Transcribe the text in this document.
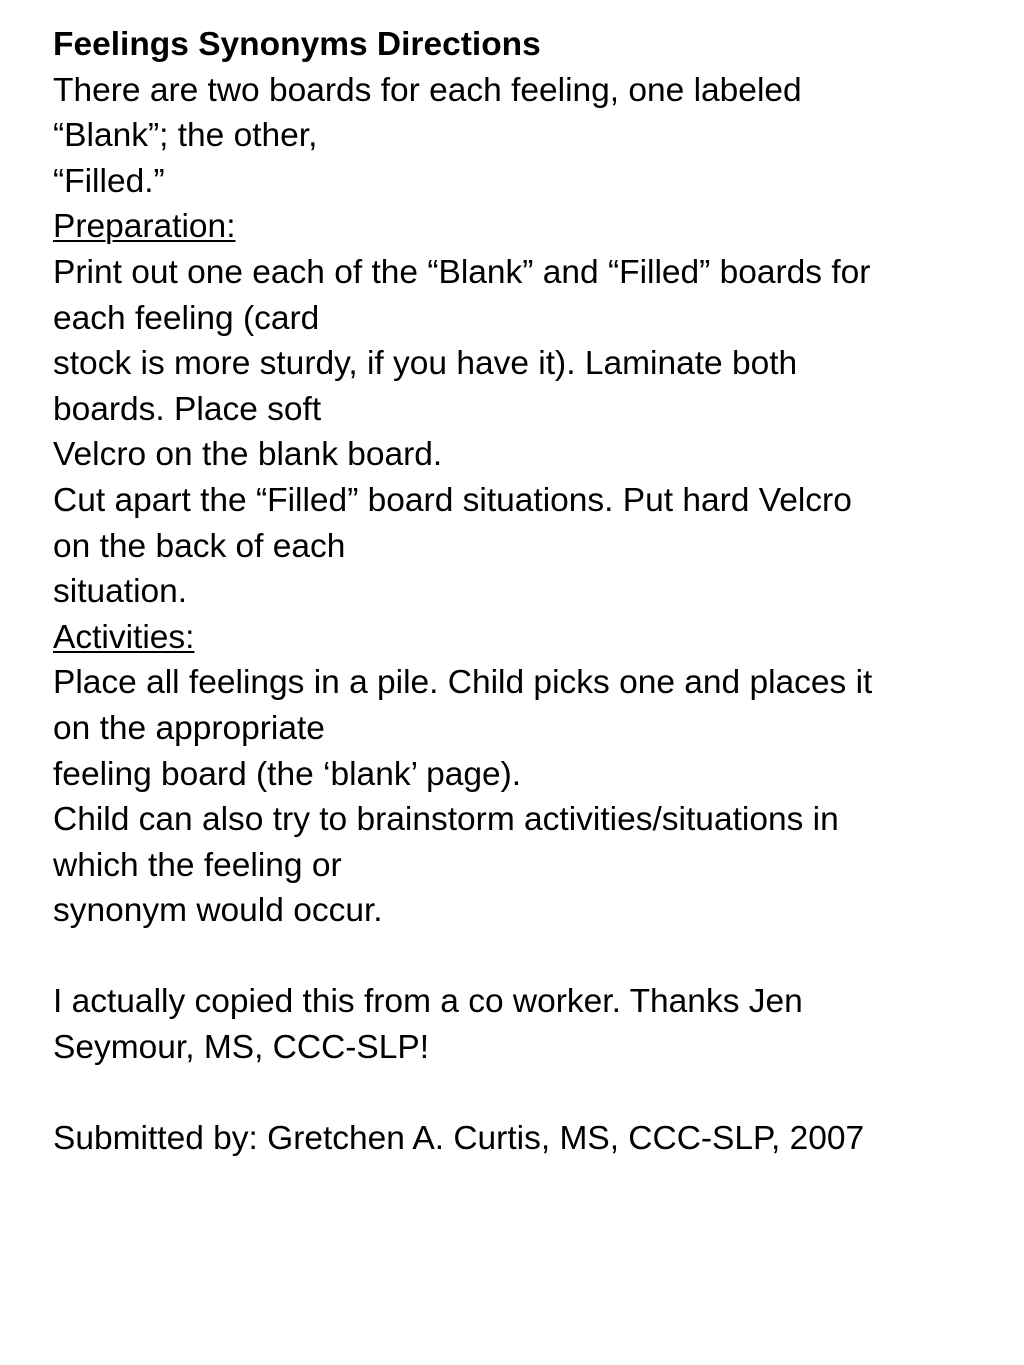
Feelings Synonyms Directions
There are two boards for each feeling, one labeled
“Blank”; the other,
“Filled.”
Preparation:
Print out one each of the “Blank” and “Filled” boards for
each feeling (card
stock is more sturdy, if you have it). Laminate both
boards. Place soft
Velcro on the blank board.
Cut apart the “Filled” board situations. Put hard Velcro
on the back of each
situation.
Activities:
Place all feelings in a pile. Child picks one and places it
on the appropriate
feeling board (the ‘blank’ page).
Child can also try to brainstorm activities/situations in
which the feeling or
synonym would occur.
I actually copied this from a co worker. Thanks Jen
Seymour, MS, CCC-SLP!
Submitted by: Gretchen A. Curtis, MS, CCC-SLP, 2007
